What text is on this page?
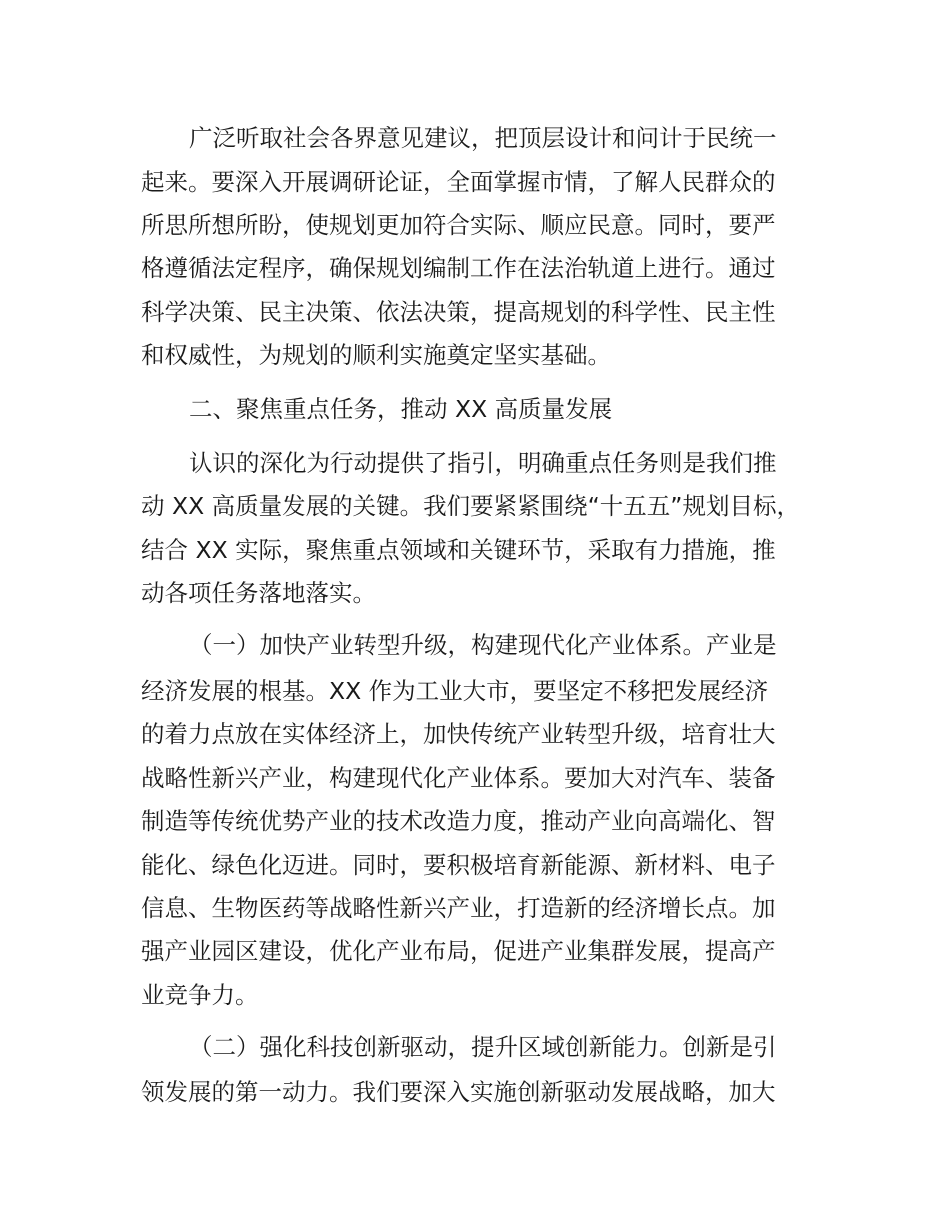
广泛听取社会各界意见建议，把顶层设计和问计于民统一

起来。要深入开展调研论证，全面掌握市情，了解人民群众的

所思所想所盼，使规划更加符合实际、顺应民意。同时，要严

格遵循法定程序，确保规划编制工作在法治轨道上进行。通过

科学决策、民主决策、依法决策，提高规划的科学性、民主性

和权威性，为规划的顺利实施奠定坚实基础。

二、聚焦重点任务，推动 XX 高质量发展

认识的深化为行动提供了指引，明确重点任务则是我们推

动 XX 高质量发展的关键。我们要紧紧围绕“十五五”规划目标，

结合 XX 实际，聚焦重点领域和关键环节，采取有力措施，推

动各项任务落地落实。

（一）加快产业转型升级，构建现代化产业体系。产业是

经济发展的根基。XX 作为工业大市，要坚定不移把发展经济

的着力点放在实体经济上，加快传统产业转型升级，培育壮大

战略性新兴产业，构建现代化产业体系。要加大对汽车、装备

制造等传统优势产业的技术改造力度，推动产业向高端化、智

能化、绿色化迈进。同时，要积极培育新能源、新材料、电子

信息、生物医药等战略性新兴产业，打造新的经济增长点。加

强产业园区建设，优化产业布局，促进产业集群发展，提高产

业竞争力。

（二）强化科技创新驱动，提升区域创新能力。创新是引

领发展的第一动力。我们要深入实施创新驱动发展战略，加大
